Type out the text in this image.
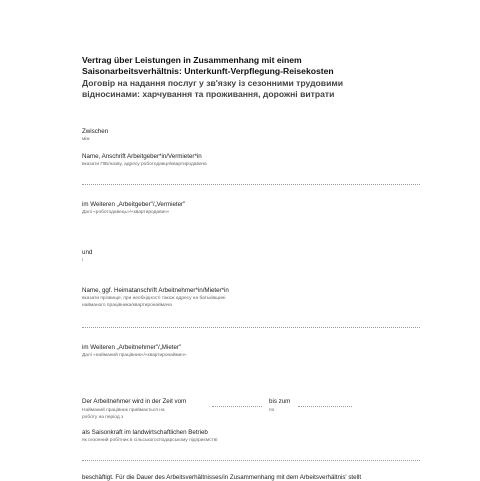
Vertrag über Leistungen in Zusammenhang mit einem
Saisonarbeitsverhältnis: Unterkunft-Verpflegung-Reisekosten
Договір на надання послуг у зв'язку із сезонними трудовими
відносинами: харчування та проживання, дорожні витрати
Zwischen
між
Name, Anschrift Arbeitgeber*in/Vermieter*in
вказати ПІБ/назву, адресу роботодавця/квартиродавача
im Weiteren „Arbeitgeber"/„Vermieter"
Далі «роботодавець»/«квартиродавач»
und
і
Name, ggf. Heimatanschrift Arbeitnehmer*in/Mieter*in
вказати прізвище, при необхідності також адресу на батьківщині
найманого працівника/квартиронаймача
im Weiteren „Arbeitnehmer"/„Mieter"
Далі «найманий працівник»/«квартиронаймач»
Der Arbeitnehmer wird in der Zeit vom	bis zum
Найманий працівник приймається на	по
роботу на період з
als Saisonkraft im landwirtschaftlichen Betrieb
як сезонний робітник в сільськогосподарському підприємстві
beschäftigt. Für die Dauer des Arbeitsverhältnisses/in Zusammenhang mit dem Arbeitsverhältnis' stellt
